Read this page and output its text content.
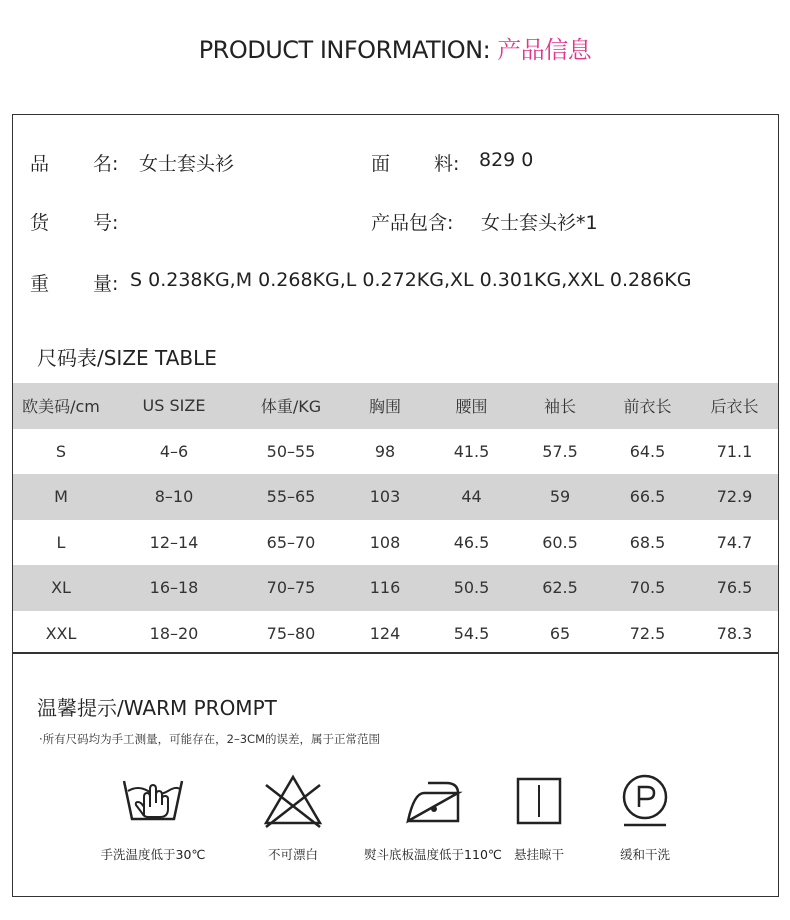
PRODUCT INFORMATION: 产品信息
品 名: 女士套头衫	面 料: 829 0
货 号:	产品包含: 女士套头衫*1
重 量: S 0.238KG,M 0.268KG,L 0.272KG,XL 0.301KG,XXL 0.286KG
尺码表/SIZE TABLE
欧美码/cm	US SIZE	体重/KG	胸围	腰围	袖长	前衣长	后衣长
S	4–6	50–55	98	41.5	57.5	64.5	71.1
M	8–10	55–65	103	44	59	66.5	72.9
L	12–14	65–70	108	46.5	60.5	68.5	74.7
XL	16–18	70–75	116	50.5	62.5	70.5	76.5
XXL	18–20	75–80	124	54.5	65	72.5	78.3
温馨提示/WARM PROMPT
·所有尺码均为手工测量，可能存在，2–3CM的误差，属于正常范围
手洗温度低于30℃	不可漂白	熨斗底板温度低于110℃ 悬挂晾干	缓和干洗
